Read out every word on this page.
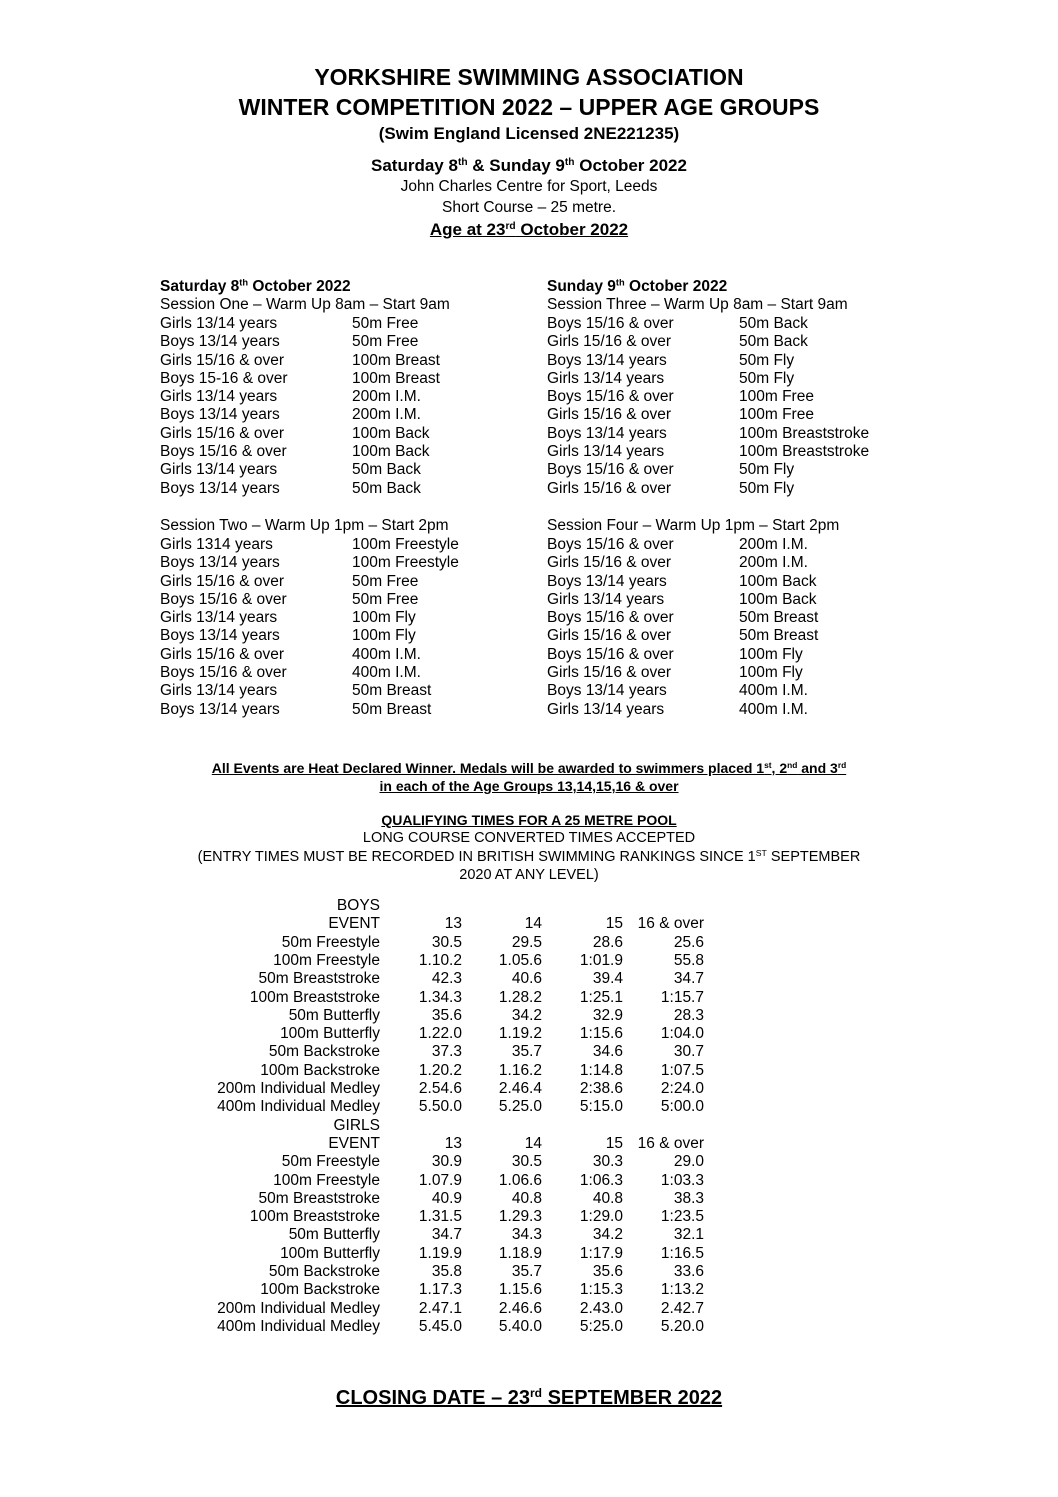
YORKSHIRE SWIMMING ASSOCIATION
WINTER COMPETITION 2022 – UPPER AGE GROUPS
(Swim England Licensed 2NE221235)
Saturday 8th & Sunday 9th October 2022
John Charles Centre for Sport, Leeds
Short Course – 25 metre.
Age at 23rd October 2022
Saturday 8th October 2022
Session One – Warm Up 8am – Start 9am
Girls 13/14 years	50m Free
Boys 13/14 years	50m Free
Girls 15/16 & over	100m Breast
Boys 15-16 & over	100m Breast
Girls 13/14 years	200m I.M.
Boys 13/14 years	200m I.M.
Girls 15/16 & over	100m Back
Boys 15/16 & over	100m Back
Girls 13/14 years	50m Back
Boys 13/14 years	50m Back
Session Two – Warm Up 1pm – Start 2pm
Girls 1314 years	100m Freestyle
Boys 13/14 years	100m Freestyle
Girls 15/16 & over	50m Free
Boys 15/16 & over	50m Free
Girls 13/14 years	100m Fly
Boys 13/14 years	100m Fly
Girls 15/16 & over	400m I.M.
Boys 15/16 & over	400m I.M.
Girls 13/14 years	50m Breast
Boys 13/14 years	50m Breast
Sunday 9th October 2022
Session Three – Warm Up 8am – Start 9am
Boys 15/16 & over	50m Back
Girls 15/16 & over	50m Back
Boys 13/14 years	50m Fly
Girls 13/14 years	50m Fly
Boys 15/16 & over	100m Free
Girls 15/16 & over	100m Free
Boys 13/14 years	100m Breaststroke
Girls 13/14 years	100m Breaststroke
Boys 15/16 & over	50m Fly
Girls 15/16 & over	50m Fly
Session Four – Warm Up 1pm – Start 2pm
Boys 15/16 & over	200m I.M.
Girls 15/16 & over	200m I.M.
Boys 13/14 years	100m Back
Girls 13/14 years	100m Back
Boys 15/16 & over	50m Breast
Girls 15/16 & over	50m Breast
Boys 15/16 & over	100m Fly
Girls 15/16 & over	100m Fly
Boys 13/14 years	400m I.M.
Girls 13/14 years	400m I.M.
All Events are Heat Declared Winner. Medals will be awarded to swimmers placed 1st, 2nd and 3rd
in each of the Age Groups 13,14,15,16 & over
QUALIFYING TIMES FOR A 25 METRE POOL
LONG COURSE CONVERTED TIMES ACCEPTED
(ENTRY TIMES MUST BE RECORDED IN BRITISH SWIMMING RANKINGS SINCE 1ST SEPTEMBER
2020 AT ANY LEVEL)
BOYS
EVENT	13	14	15 16 & over
50m Freestyle	30.5	29.5	28.6	25.6
100m Freestyle	1.10.2 1.05.6 1:01.9	55.8
50m Breaststroke	42.3	40.6	39.4	34.7
100m Breaststroke	1.34.3 1.28.2 1:25.1 1:15.7
50m Butterfly	35.6	34.2	32.9	28.3
100m Butterfly	1.22.0 1.19.2 1:15.6 1:04.0
50m Backstroke	37.3	35.7	34.6	30.7
100m Backstroke	1.20.2 1.16.2 1:14.8 1:07.5
200m Individual Medley	2.54.6 2.46.4 2:38.6 2:24.0
400m Individual Medley	5.50.0 5.25.0 5:15.0 5:00.0
GIRLS
EVENT	13	14	15 16 & over
50m Freestyle	30.9	30.5	30.3	29.0
100m Freestyle	1.07.9 1.06.6 1:06.3 1:03.3
50m Breaststroke	40.9	40.8	40.8	38.3
100m Breaststroke	1.31.5 1.29.3 1:29.0 1:23.5
50m Butterfly	34.7	34.3	34.2	32.1
100m Butterfly	1.19.9 1.18.9 1:17.9 1:16.5
50m Backstroke	35.8	35.7	35.6	33.6
100m Backstroke	1.17.3 1.15.6 1:15.3 1:13.2
200m Individual Medley	2.47.1 2.46.6 2.43.0 2.42.7
400m Individual Medley	5.45.0 5.40.0 5:25.0 5.20.0
CLOSING DATE – 23rd SEPTEMBER 2022
